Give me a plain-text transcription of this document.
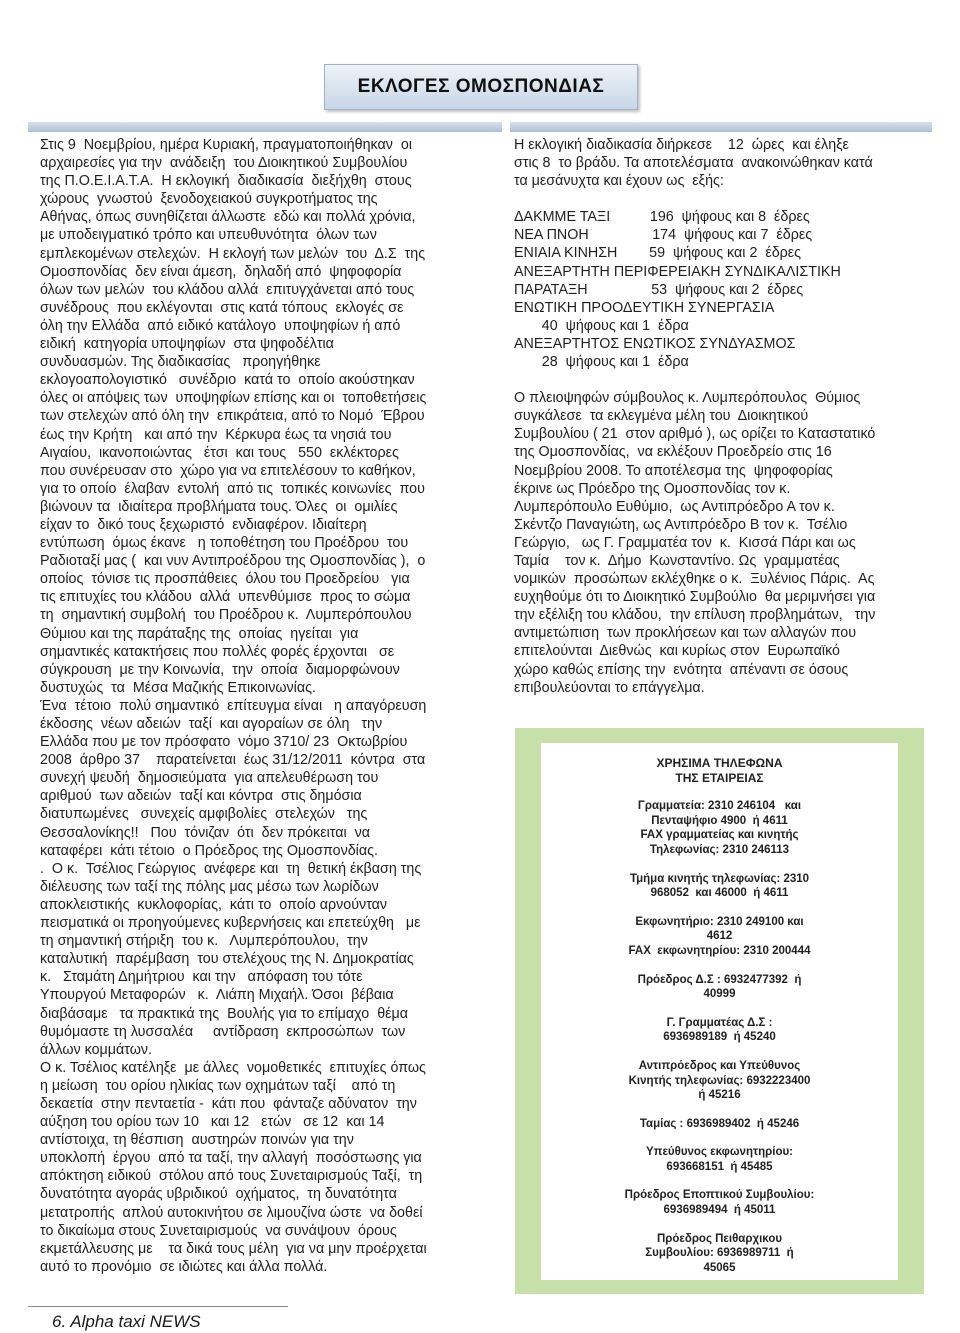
ΕΚΛΟΓΕΣ ΟΜΟΣΠΟΝΔΙΑΣ

Στις 9  Νοεμβρίου, ημέρα Κυριακή, πραγματοποιήθηκαν  οι

αρχαιρεσίες για την  ανάδειξη  του Διοικητικού Συμβουλίου

της Π.Ο.Ε.Ι.Α.Τ.Α.  Η εκλογική  διαδικασία  διεξήχθη  στους

χώρους  γνωστού  ξενοδοχειακού συγκροτήματος της

Αθήνας, όπως συνηθίζεται άλλωστε  εδώ και πολλά χρόνια,

με υποδειγματικό τρόπο και υπευθυνότητα  όλων των

εμπλεκομένων στελεχών.  Η εκλογή των μελών  του  Δ.Σ  της

Ομοσπονδίας  δεν είναι άμεση,  δηλαδή από  ψηφοφορία

όλων των μελών  του κλάδου αλλά  επιτυγχάνεται από τους

συνέδρους  που εκλέγονται  στις κατά τόπους  εκλογές σε

όλη την Ελλάδα  από ειδικό κατάλογο  υποψηφίων ή από

ειδική  κατηγορία υποψηφίων  στα ψηφοδέλτια

συνδυασμών. Της διαδικασίας   προηγήθηκε

εκλογοαπολογιστικό   συνέδριο  κατά το  οποίο ακούστηκαν

όλες οι απόψεις των  υποψηφίων επίσης και οι  τοποθετήσεις

των στελεχών από όλη την  επικράτεια, από το Νομό  Έβρου

έως την Κρήτη   και από την  Κέρκυρα έως τα νησιά του

Αιγαίου,  ικανοποιώντας   έτσι  και τους   550  εκλέκτορες

που συνέρευσαν στο  χώρο για να επιτελέσουν το καθήκον,

για το οποίο  έλαβαν  εντολή  από τις  τοπικές κοινωνίες  που

βιώνουν τα  ιδιαίτερα προβλήματα τους. Όλες  οι  ομιλίες

είχαν το  δικό τους ξεχωριστό  ενδιαφέρον. Ιδιαίτερη

εντύπωση  όμως έκανε   η τοποθέτηση του Προέδρου  του

Ραδιοταξί μας (  και νυν Αντιπροέδρου της Ομοσπονδίας ),  ο

οποίος  τόνισε τις προσπάθειες  όλου του Προεδρείου   για

τις επιτυχίες του κλάδου  αλλά  υπενθύμισε  προς το σώμα

τη  σημαντική συμβολή  του Προέδρου κ.  Λυμπερόπουλου

Θύμιου και της παράταξης της  οποίας  ηγείται  για

σημαντικές κατακτήσεις που πολλές φορές έρχονται   σε

σύγκρουση  με την Κοινωνία,  την  οποία  διαμορφώνουν

δυστυχώς  τα  Μέσα Μαζικής Επικοινωνίας.

Ένα  τέτοιο  πολύ σημαντικό  επίτευγμα είναι   η απαγόρευση

έκδοσης  νέων αδειών  ταξί  και αγοραίων σε όλη   την

Ελλάδα που με τον πρόσφατο  νόμο 3710/ 23  Οκτωβρίου

2008  άρθρο 37    παρατείνεται  έως 31/12/2011  κόντρα  στα

συνεχή ψευδή  δημοσιεύματα  για απελευθέρωση του

αριθμού  των αδειών  ταξί και κόντρα  στις δημόσια

διατυπωμένες   συνεχείς αμφιβολίες  στελεχών   της

Θεσσαλονίκης!!   Που  τόνιζαν  ότι  δεν πρόκειται  να

καταφέρει  κάτι τέτοιο  ο Πρόεδρος της Ομοσπονδίας.

.  Ο κ.  Τσέλιος Γεώργιος  ανέφερε και  τη  θετική έκβαση της

διέλευσης των ταξί της πόλης μας μέσω των λωρίδων

αποκλειστικής  κυκλοφορίας,  κάτι το  οποίο αρνούνταν

πεισματικά οι προηγούμενες κυβερνήσεις και επετεύχθη   με

τη σημαντική στήριξη  του κ.   Λυμπερόπουλου,  την

καταλυτική  παρέμβαση  του στελέχους της Ν. Δημοκρατίας

κ.   Σταμάτη Δημήτριου  και την   απόφαση του τότε

Υπουργού Μεταφορών   κ.  Λιάπη Μιχαήλ. Όσοι  βέβαια

διαβάσαμε   τα πρακτικά της  Βουλής για το επίμαχο  θέμα

θυμόμαστε τη λυσσαλέα     αντίδραση  εκπροσώπων  των

άλλων κομμάτων.

Ο κ. Τσέλιος κατέληξε  με άλλες  νομοθετικές  επιτυχίες όπως

η μείωση  του ορίου ηλικίας των οχημάτων ταξί    από τη

δεκαετία  στην πενταετία -  κάτι που  φάνταζε αδύνατον  την

αύξηση του ορίου των 10   και 12   ετών   σε 12  και 14

αντίστοιχα, τη θέσπιση  αυστηρών ποινών για την

υποκλοπή  έργου  από τα ταξί, την αλλαγή  ποσόστωσης για

απόκτηση ειδικού  στόλου από τους Συνεταιρισμούς Ταξί,  τη

δυνατότητα αγοράς υβριδικού  οχήματος,  τη δυνατότητα

μετατροπής  απλού αυτοκινήτου σε λιμουζίνα ώστε  να δοθεί

το δικαίωμα στους Συνεταιρισμούς  να συνάψουν  όρους

εκμετάλλευσης με    τα δικά τους μέλη  για να μην προέρχεται

αυτό το προνόμιο  σε ιδιώτες και άλλα πολλά.

Η εκλογική διαδικασία διήρκεσε    12  ώρες  και έληξε

στις 8  το βράδυ. Τα αποτελέσματα  ανακοινώθηκαν κατά

τα μεσάνυχτα και έχουν ως  εξής:

ΔΑΚΜΜΕ ΤΑΞΙ          196  ψήφους και 8  έδρες

ΝΕΑ ΠΝΟΗ                174  ψήφους και 7  έδρες

ΕΝΙΑΙΑ ΚΙΝΗΣΗ        59  ψήφους και 2  έδρες

ΑΝΕΞΑΡΤΗΤΗ ΠΕΡΙΦΕΡΕΙΑΚΗ ΣΥΝΔΙΚΑΛΙΣΤΙΚΗ

ΠΑΡΑΤΑΞΗ                53  ψήφους και 2  έδρες

ΕΝΩΤΙΚΗ ΠΡΟΟΔΕΥΤΙΚΗ ΣΥΝΕΡΓΑΣΙΑ

40  ψήφους και 1  έδρα

ΑΝΕΞΑΡΤΗΤΟΣ ΕΝΩΤΙΚΟΣ ΣΥΝΔΥΑΣΜΟΣ

28  ψήφους και 1  έδρα

Ο πλειοψηφών σύμβουλος κ. Λυμπερόπουλος  Θύμιος

συγκάλεσε  τα εκλεγμένα μέλη του  Διοικητικού

Συμβουλίου ( 21  στον αριθμό ), ως ορίζει το Καταστατικό

της Ομοσπονδίας,  να εκλέξουν Προεδρείο στις 16

Νοεμβρίου 2008. Το αποτέλεσμα της  ψηφοφορίας

έκρινε ως Πρόεδρο της Ομοσπονδίας τον κ.

Λυμπερόπουλο Ευθύμιο,  ως Αντιπρόεδρο Α τον κ.

Σκέντζο Παναγιώτη, ως Αντιπρόεδρο Β τον κ.  Τσέλιο

Γεώργιο,   ως Γ. Γραμματέα τον  κ.  Κισσά Πάρι και ως

Ταμία    τον κ.  Δήμο  Κωνσταντίνο. Ως  γραμματέας

νομικών  προσώπων εκλέχθηκε ο κ.  Ξυλένιος Πάρις.  Ας

ευχηθούμε ότι το Διοικητικό Συμβούλιο  θα μεριμνήσει για

την εξέλιξη του κλάδου,  την επίλυση προβλημάτων,   την

αντιμετώπιση  των προκλήσεων και των αλλαγών που

επιτελούνται  Διεθνώς  και κυρίως στον  Ευρωπαϊκό

χώρο καθώς επίσης την  ενότητα  απέναντι σε όσους

επιβουλεύονται το επάγγελμα.

ΧΡΗΣΙΜΑ ΤΗΛΕΦΩΝΑ

ΤΗΣ ΕΤΑΙΡΕΙΑΣ

Γραμματεία: 2310 246104   και

Πενταψήφιο 4900  ή 4611

FAX γραμματείας και κινητής

Τηλεφωνίας: 2310 246113

Τμήμα κινητής τηλεφωνίας: 2310

968052  και 46000  ή 4611

Εκφωνητήριο: 2310 249100 και

4612

FAX  εκφωνητηρίου: 2310 200444

Πρόεδρος Δ.Σ : 6932477392  ή

40999

Γ. Γραμματέας Δ.Σ :

6936989189  ή 45240

Αντιπρόεδρος και Υπεύθυνος

Κινητής τηλεφωνίας: 6932223400

ή 45216

Ταμίας : 6936989402  ή 45246

Υπεύθυνος εκφωνητηρίου:

693668151  ή 45485

Πρόεδρος Εποπτικού Συμβουλίου:

6936989494  ή 45011

Πρόεδρος Πειθαρχικου

Συμβουλίου: 6936989711  ή

45065

6. Alpha taxi NEWS
